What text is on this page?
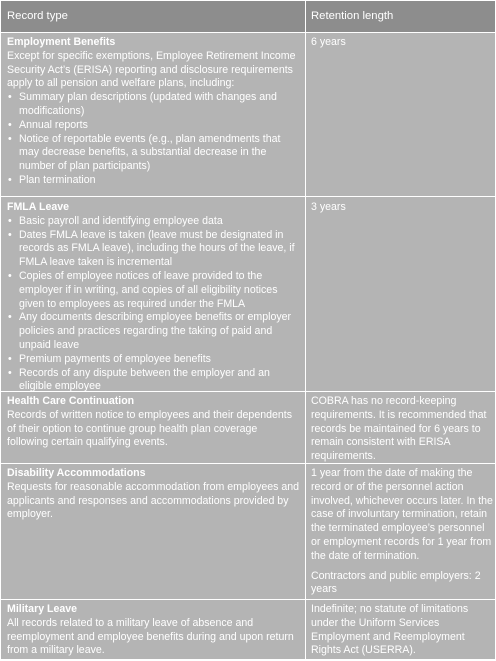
Record type	Retention length
Employment Benefits

Except for specific exemptions, Employee Retirement Income Security Act’s (ERISA) reporting and disclosure requirements apply to all pension and welfare plans, including:

• Summary plan descriptions (updated with changes and modifications)
• Annual reports
• Notice of reportable events (e.g., plan amendments that may decrease benefits, a substantial decrease in the number of plan participants)
• Plan termination
6 years
FMLA Leave
• Basic payroll and identifying employee data
• Dates FMLA leave is taken (leave must be designated in records as FMLA leave), including the hours of the leave, if FMLA leave taken is incremental
• Copies of employee notices of leave provided to the employer if in writing, and copies of all eligibility notices given to employees as required under the FMLA
• Any documents describing employee benefits or employer policies and practices regarding the taking of paid and unpaid leave
• Premium payments of employee benefits
• Records of any dispute between the employer and an eligible employee
3 years
Health Care Continuation

Records of written notice to employees and their dependents of their option to continue group health plan coverage following certain qualifying events.

COBRA has no record-keeping requirements. It is recommended that records be maintained for 6 years to remain consistent with ERISA requirements.
Disability Accommodations

Requests for reasonable accommodation from employees and applicants and responses and accommodations provided by employer.

1 year from the date of making the record or of the personnel action involved, whichever occurs later. In the case of involuntary termination, retain the terminated employee’s personnel or employment records for 1 year from the date of termination.

Contractors and public employers: 2 years

Military Leave

All records related to a military leave of absence and reemployment and employee benefits during and upon return from a military leave.

Indefinite; no statute of limitations under the Uniform Services Employment and Reemployment Rights Act (USERRA).
